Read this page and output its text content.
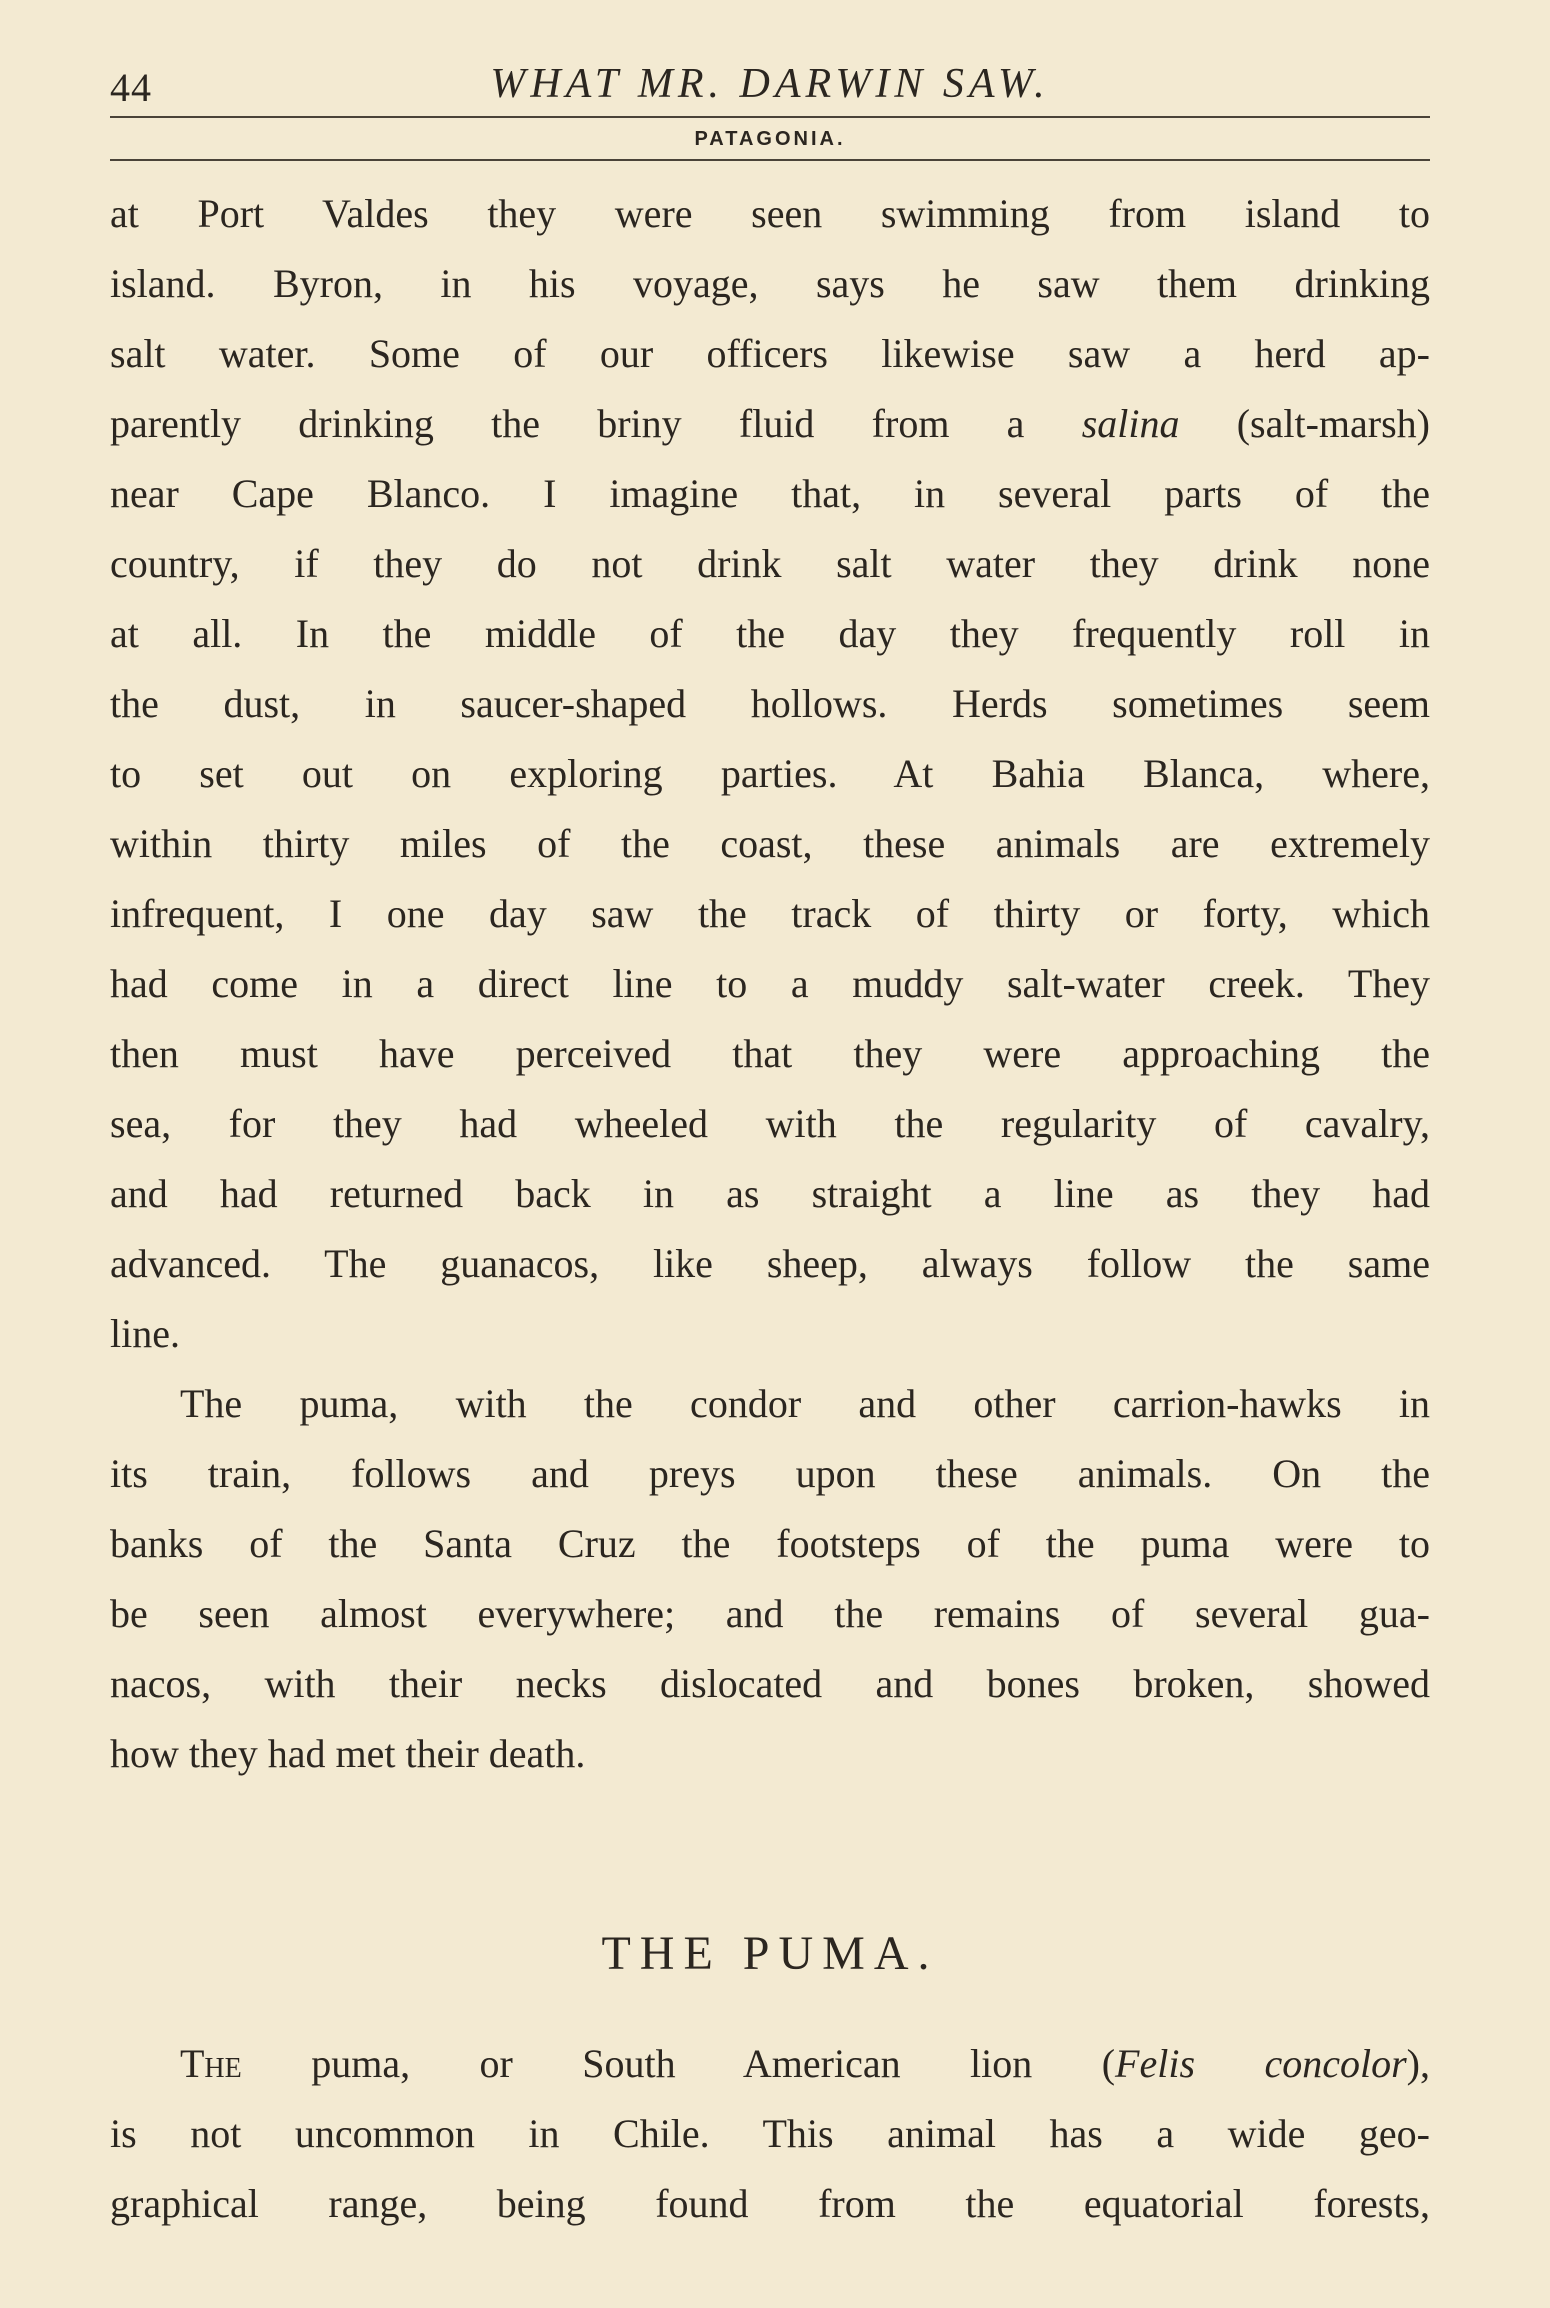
44	WHAT MR. DARWIN SAW.
PATAGONIA.
at Port Valdes they were seen swimming from island to
island. Byron, in his voyage, says he saw them drinking
salt water. Some of our officers likewise saw a herd ap-
parently drinking the briny fluid from a salina (salt-marsh)
near Cape Blanco. I imagine that, in several parts of the
country, if they do not drink salt water they drink none
at all. In the middle of the day they frequently roll in
the dust, in saucer-shaped hollows. Herds sometimes seem
to set out on exploring parties. At Bahia Blanca, where,
within thirty miles of the coast, these animals are extremely
infrequent, I one day saw the track of thirty or forty, which
had come in a direct line to a muddy salt-water creek. They
then must have perceived that they were approaching the
sea, for they had wheeled with the regularity of cavalry,
and had returned back in as straight a line as they had
advanced. The guanacos, like sheep, always follow the same
line.
The puma, with the condor and other carrion-hawks in
its train, follows and preys upon these animals. On the
banks of the Santa Cruz the footsteps of the puma were to
be seen almost everywhere; and the remains of several gua-
nacos, with their necks dislocated and bones broken, showed
how they had met their death.
THE PUMA.
The puma, or South American lion (Felis concolor),
is not uncommon in Chile. This animal has a wide geo-
graphical range, being found from the equatorial forests,
